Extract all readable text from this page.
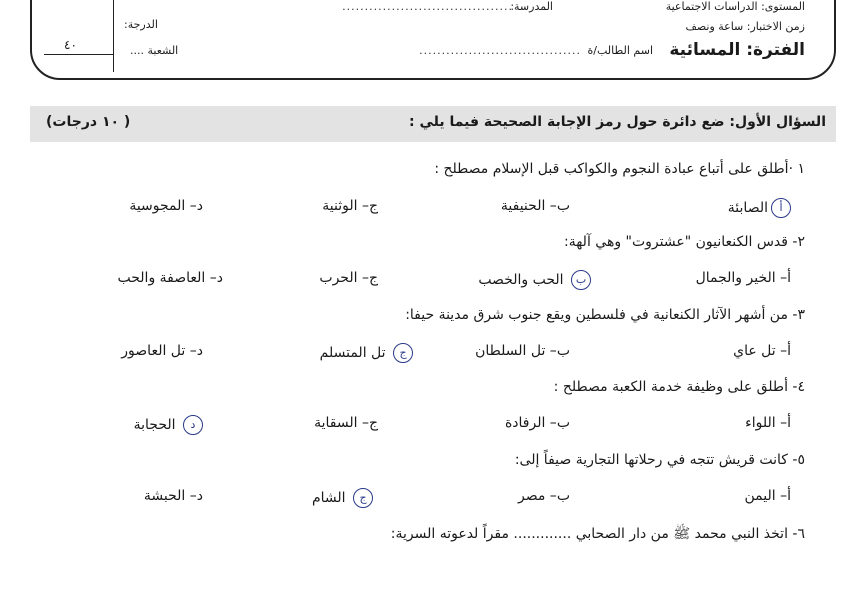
٤٠
المستوى: الدراسات الاجتماعية
المدرسة:
......................................
زمن الاختبار: ساعة ونصف
الدرجة:
اسم الطالب/ة
....................................
الشعبة ....	الفترة: المسائية
السؤال الأول: ضع دائرة حول رمز الإجابة الصحيحة فيما يلي :
( ١٠ درجات)
١ ·أطلق على أتباع عبادة النجوم والكواكب قبل الإسلام مصطلح :
أالصابئة
ب– الحنيفية
ج– الوثنية
د– المجوسية
٢- قدس الكنعانيون "عشتروت" وهي آلهة:
أ– الخير والجمال
ب الحب والخصب
ج– الحرب
د– العاصفة والحب
٣- من أشهر الآثار الكنعانية في فلسطين ويقع جنوب شرق مدينة حيفا:
أ– تل عاي
ب– تل السلطان
ج تل المتسلم
د– تل العاصور
٤- أطلق على وظيفة خدمة الكعبة مصطلح :
أ– اللواء
ب– الرفادة
ج– السقاية
د الحجابة
٥- كانت قريش تتجه في رحلاتها التجارية صيفاً إلى:
أ– اليمن
ب– مصر
ج الشام
د– الحبشة
٦- اتخذ النبي محمد ﷺ من دار الصحابي ............. مقراً لدعوته السرية:
